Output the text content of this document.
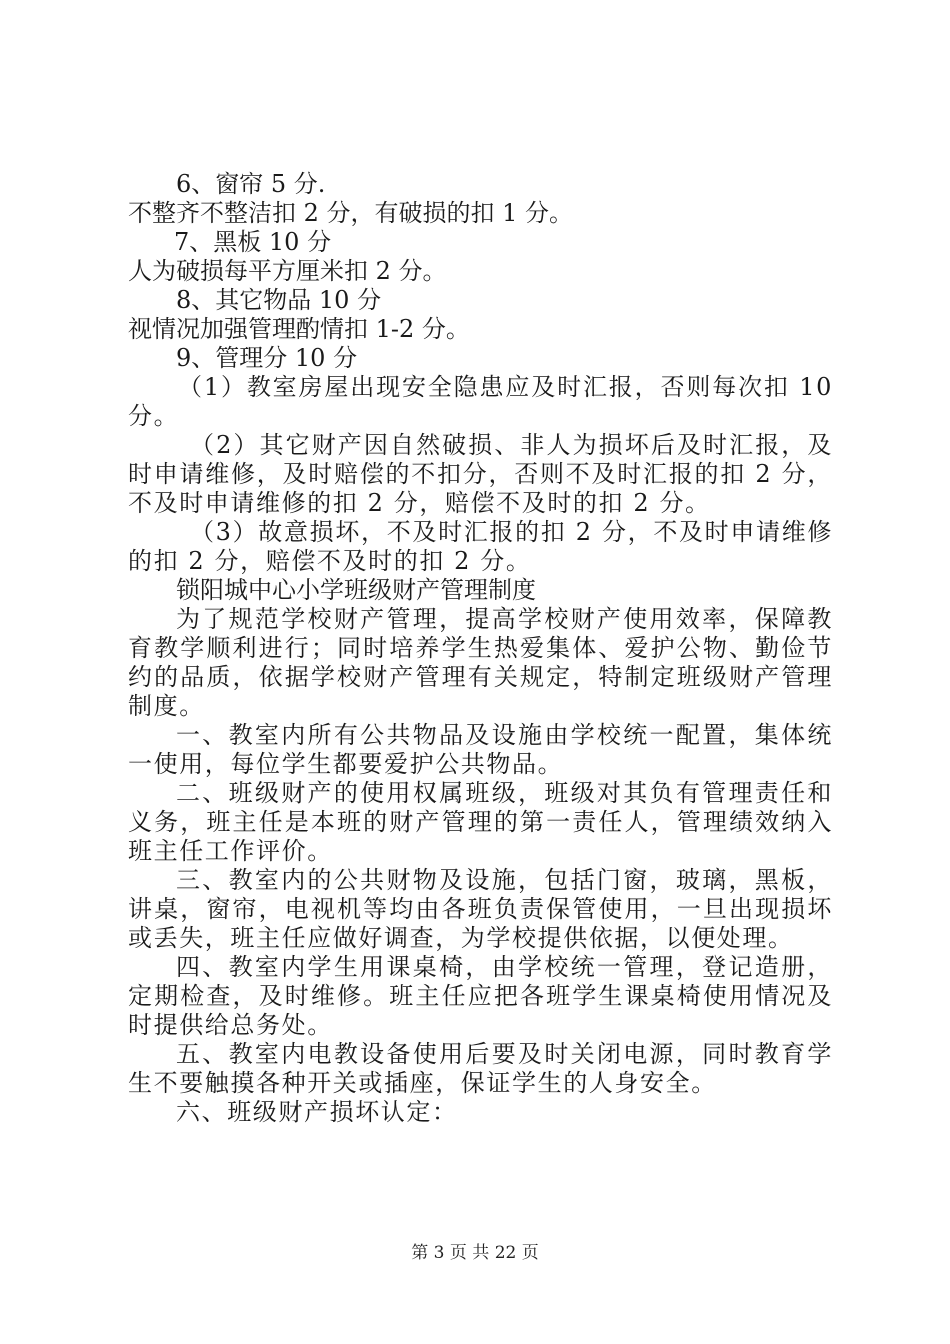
6、窗帘 5 分.

不整齐不整洁扣 2 分，有破损的扣 1 分。

7、黑板 10 分

人为破损每平方厘米扣 2 分。

8、其它物品 10 分

视情况加强管理酌情扣 1-2 分。

9、管理分 10 分

（1）教室房屋出现安全隐患应及时汇报，否则每次扣 10 分。

（2）其它财产因自然破损、非人为损坏后及时汇报，及时申请维修，及时赔偿的不扣分，否则不及时汇报的扣 2 分，不及时申请维修的扣 2 分，赔偿不及时的扣 2 分。

（3）故意损坏，不及时汇报的扣 2 分，不及时申请维修的扣 2 分，赔偿不及时的扣 2 分。

锁阳城中心小学班级财产管理制度

为了规范学校财产管理，提高学校财产使用效率，保障教育教学顺利进行；同时培养学生热爱集体、爱护公物、勤俭节约的品质，依据学校财产管理有关规定，特制定班级财产管理制度。

一、教室内所有公共物品及设施由学校统一配置，集体统一使用，每位学生都要爱护公共物品。

二、班级财产的使用权属班级，班级对其负有管理责任和义务，班主任是本班的财产管理的第一责任人，管理绩效纳入班主任工作评价。

三、教室内的公共财物及设施，包括门窗，玻璃，黑板，讲桌，窗帘，电视机等均由各班负责保管使用，一旦出现损坏或丢失，班主任应做好调查，为学校提供依据，以便处理。

四、教室内学生用课桌椅，由学校统一管理，登记造册，定期检查，及时维修。班主任应把各班学生课桌椅使用情况及时提供给总务处。

五、教室内电教设备使用后要及时关闭电源，同时教育学生不要触摸各种开关或插座，保证学生的人身安全。

六、班级财产损坏认定：

第 3 页 共 22 页
